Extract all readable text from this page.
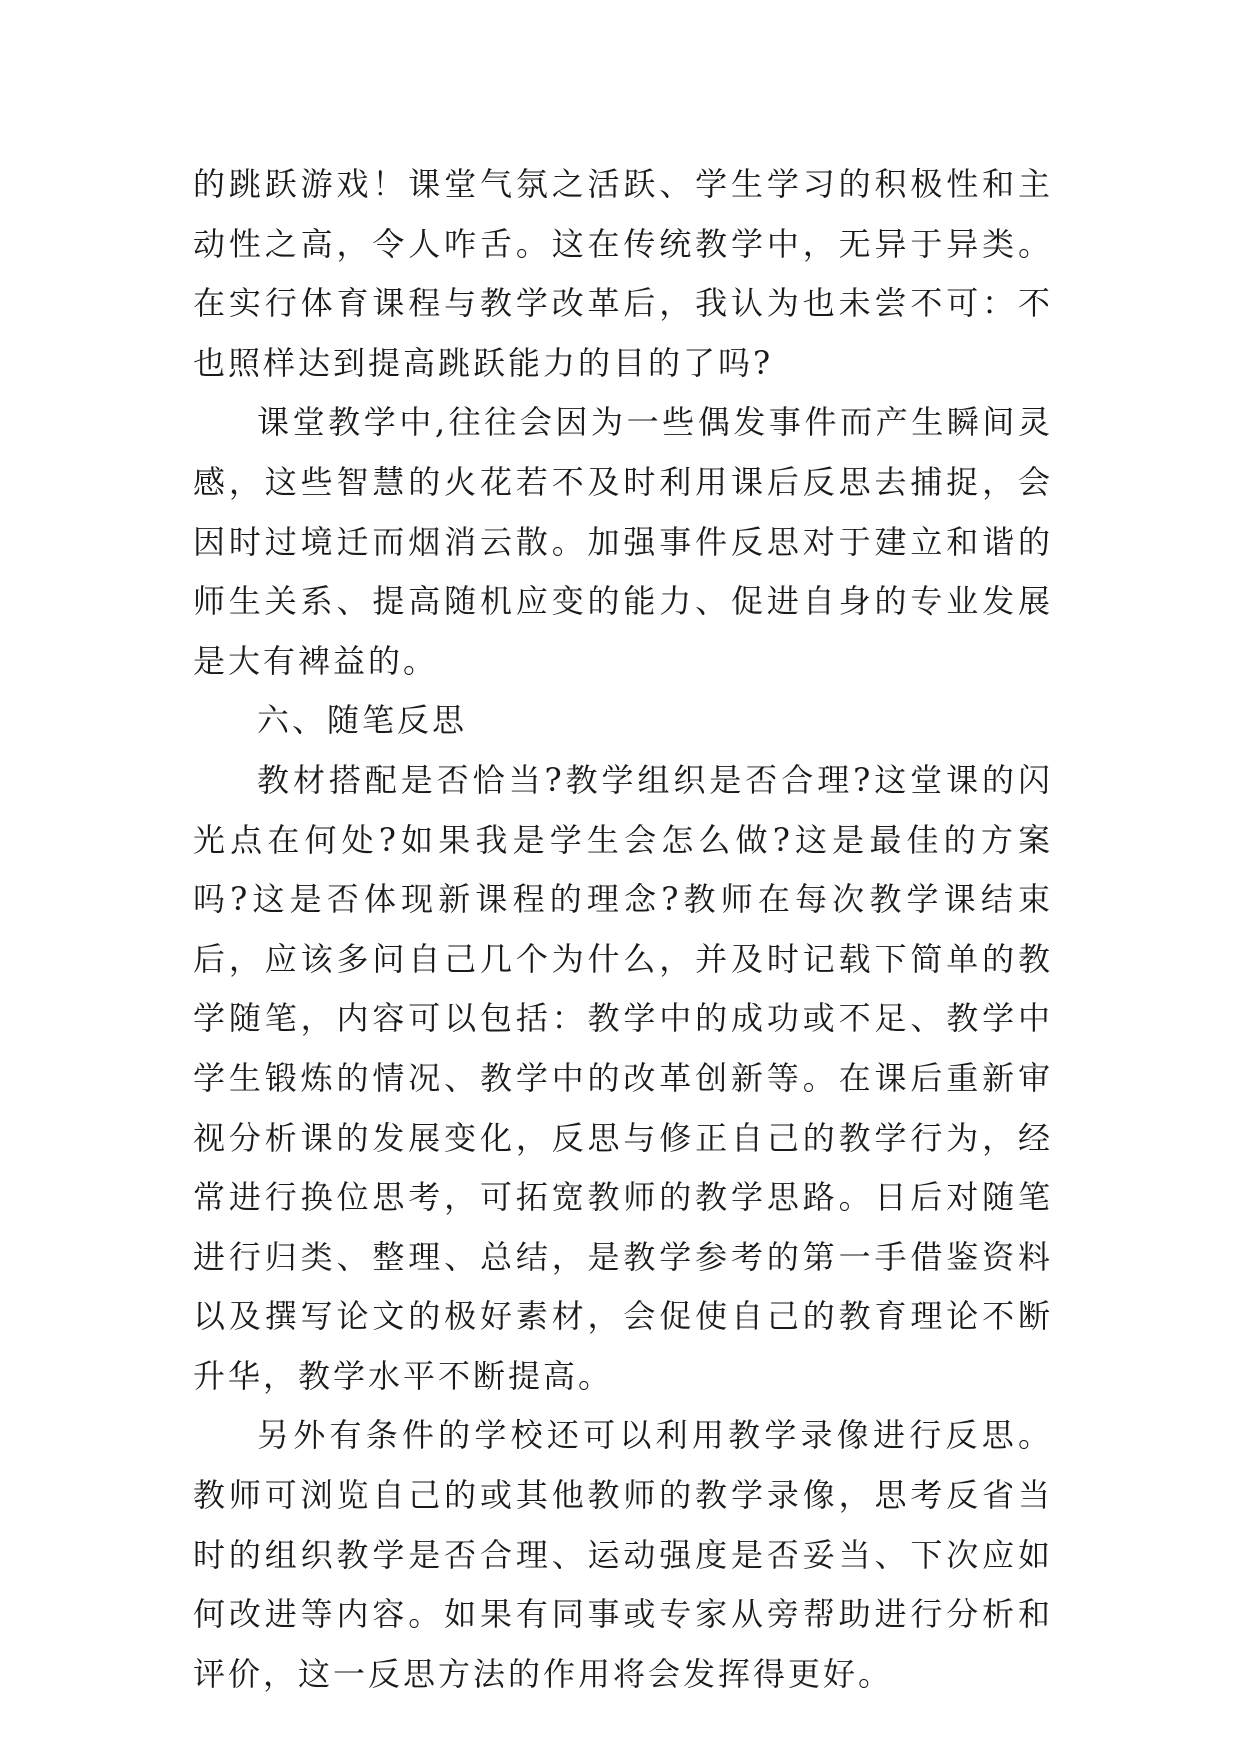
的跳跃游戏！课堂气氛之活跃、学生学习的积极性和主动性之高，令人咋舌。这在传统教学中，无异于异类。在实行体育课程与教学改革后，我认为也未尝不可：不也照样达到提高跳跃能力的目的了吗?

课堂教学中,往往会因为一些偶发事件而产生瞬间灵感，这些智慧的火花若不及时利用课后反思去捕捉，会因时过境迁而烟消云散。加强事件反思对于建立和谐的师生关系、提高随机应变的能力、促进自身的专业发展是大有裨益的。

六、随笔反思

教材搭配是否恰当?教学组织是否合理?这堂课的闪光点在何处?如果我是学生会怎么做?这是最佳的方案吗?这是否体现新课程的理念?教师在每次教学课结束后，应该多问自己几个为什么，并及时记载下简单的教学随笔，内容可以包括：教学中的成功或不足、教学中学生锻炼的情况、教学中的改革创新等。在课后重新审视分析课的发展变化，反思与修正自己的教学行为，经常进行换位思考，可拓宽教师的教学思路。日后对随笔进行归类、整理、总结，是教学参考的第一手借鉴资料以及撰写论文的极好素材，会促使自己的教育理论不断升华，教学水平不断提高。

另外有条件的学校还可以利用教学录像进行反思。教师可浏览自己的或其他教师的教学录像，思考反省当时的组织教学是否合理、运动强度是否妥当、下次应如何改进等内容。如果有同事或专家从旁帮助进行分析和评价，这一反思方法的作用将会发挥得更好。
